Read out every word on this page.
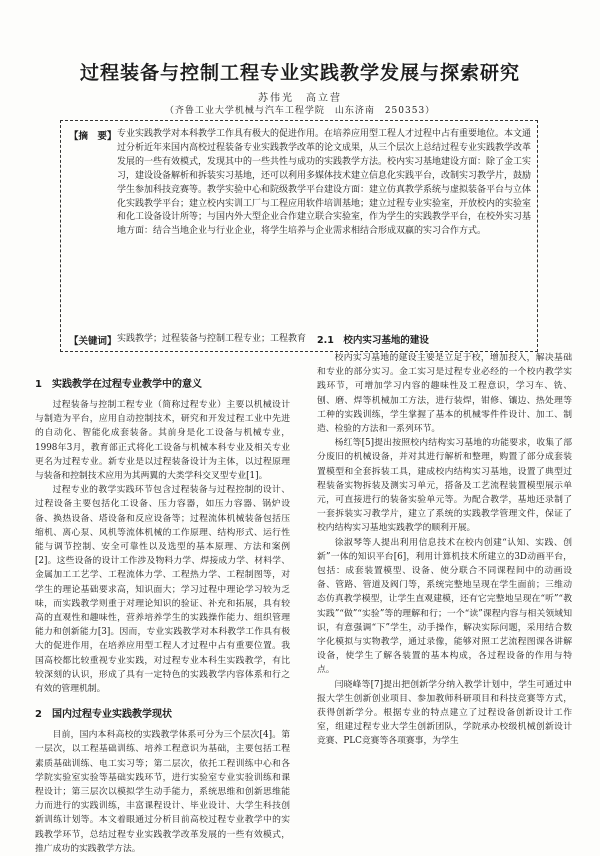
过程装备与控制工程专业实践教学发展与探索研究
苏伟光　高立营
（齐鲁工业大学机械与汽车工程学院　山东济南　250353）
【摘　要】 专业实践教学对本科教学工作具有极大的促进作用。在培养应用型工程人才过程中占有重要地位。本文通过分析近年来国内高校过程装备专业实践教学改革的论文成果，从三个层次上总结过程专业实践教学改革发展的一些有效模式，发现其中的一些共性与成功的实践教学方法。校内实习基地建设方面：除了金工实习，建设设备解析和拆装实习基地，还可以利用多媒体技术建立信息化实践平台，改制实习教学片，鼓励学生参加科技竞赛等。教学实验中心和院级教学平台建设方面：建立仿真教学系统与虚拟装备平台与立体化实践教学平台；建立校内实训工厂与工程应用软件培训基地；建立过程专业实验室，开放校内的实验室和化工设备设计所等；与国内外大型企业合作建立联合实验室，作为学生的实践教学平台，在校外实习基地方面：结合当地企业与行业企业，将学生培养与企业需求相结合形成双赢的实习合作方式。
【关键词】 实践教学；过程装备与控制工程专业；工程教育
1　实践教学在过程专业教学中的意义

过程装备与控制工程专业（简称过程专业）主要以机械设计与制造为平台，应用自动控制技术，研究和开发过程工业中先进的自动化、智能化成套装备。其前身是化工设备与机械专业，1998年3月，教育部正式将化工设备与机械本科专业及相关专业更名为过程专业。新专业是以过程装备设计为主体，以过程原理与装备和控制技术应用为其两翼的大类学科交叉型专业[1]。

过程专业的教学实践环节包含过程装备与过程控制的设计、过程设备主要包括化工设备、压力容器，如压力容器、锅炉设备、换热设备、塔设备和反应设备等；过程流体机械装备包括压缩机、离心泵、风机等流体机械的工作原理、结构形式、运行性能与调节控制、安全可靠性以及选型的基本原理、方法和案例[2]。这些设备的设计工作涉及物料力学、焊接成力学、材料学、金属加工工艺学、工程流体力学、工程热力学、工程制图等，对学生的理论基础要求高，知识面大；学习过程中理论学习较为乏味，而实践教学则重于对理论知识的验证、补充和拓展，具有较高的直观性和趣味性，营养培养学生的实践操作能力、组织管理能力和创新能力[3]。因而，专业实践教学对本科教学工作具有极大的促进作用，在培养应用型工程人才过程中占有重要位置。我国高校都比较重视专业实践，对过程专业本科生实践教学，有比较深刻的认识，形成了具有一定特色的实践教学内容体系和行之有效的管理机制。

2　国内过程专业实践教学现状

目前，国内本科高校的实践教学体系可分为三个层次[4]。第一层次，以工程基础训练、培养工程意识为基础，主要包括工程素质基础训练、电工实习等；第二层次，依托工程训练中心和各学院实验室实验等基础实践环节，进行实验室专业实验训练和课程设计；第三层次以模拟学生动手能力，系统思维和创新思维能力而进行的实践训练，丰富课程设计、毕业设计、大学生科技创新训练计划等。本文着眼通过分析目前高校过程专业教学中的实践教学环节，总结过程专业实践教学改革发展的一些有效模式，推广成功的实践教学方法。

2.1　校内实习基地的建设

校内实习基地的建设主要是立足于校，增加投入，解决基础和专业的部分实习。金工实习是过程专业必经的一个校内教学实践环节，可增加学习内容的趣味性及工程意识，学习车、铣、刨、磨、焊等机械加工方法，进行装焊，钳修、镶边、热处理等工种的实践训练，学生掌握了基本的机械零件件设计、加工、制造、检验的方法和一系列环节。

杨红等[5]提出按照校内结构实习基地的功能要求，收集了部分废旧的机械设备，并对其进行解析和整理，购置了部分成套装置模型和全套拆装工具，建成校内结构实习基地，设置了典型过程装备实物拆装及测实习单元，搭备及工艺流程装置模型展示单元，可直接进行的装备实验单元等。为配合教学，基地还录制了一套拆装实习教学片，建立了系统的实践教学管理文件，保证了校内结构实习基地实践教学的顺利开展。

徐淑琴等人提出利用信息技术在校内创建“认知、实践、创新”一体的知识平台[6]，利用计算机技术所建立的3D动画平台，包括：成套装置模型、设备、使分联合不同课程间中的动画设备、管路、管道及阀门等，系统完整地呈现在学生面前；三维动态仿真教学模型，让学生直观建模，还有它完整地呈现在“听”“教实践”“做”“实验”等的理解和行；一个“读”课程内容与相关领域知识，有意强调“下”学生，动手操作，解决实际问题，采用结合数字化模拟与实物教学，通过录像，能够对照工艺流程图课各讲解设备，使学生了解各装置的基本构成，各过程设备的作用与特点。

闫晓峰等[7]提出把创新学分纳入教学计划中，学生可通过申报大学生创新创业项目、参加教师科研项目和科技竞赛等方式，获得创新学分。根据专业的特点建立了过程设备创新设计工作室，组建过程专业大学生创新团队，学院承办校级机械创新设计竞赛、PLC竞赛等各项赛事，为学生
